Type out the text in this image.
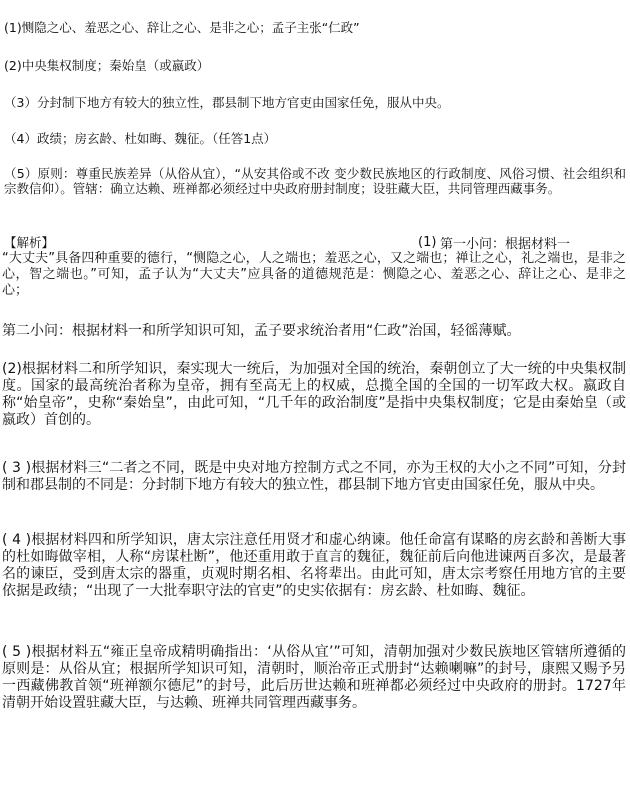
(1)恻隐之心、羞恶之心、辞让之心、是非之心；孟子主张“仁政”
(2)中央集权制度；秦始皇（或嬴政）
（3）分封制下地方有较大的独立性，郡县制下地方官吏由国家任免，服从中央。
（4）政绩；房玄龄、杜如晦、魏征。（任答1点）
（5）原则：尊重民族差异（从俗从宜），“从安其俗或不改 变少数民族地区的行政制度、风俗习惯、社会组织和宗教信仰）。管辖：确立达赖、班禅都必须经过中央政府册封制度；设驻藏大臣，共同管理西藏事务。
【解析】	(1) 第一小问：根据材料一
“大丈夫”具备四种重要的德行，“恻隐之心，人之端也；羞恶之心，又之端也；禅让之心，礼之端也，是非之心，智之端也。”可知，孟子认为“大丈夫”应具备的道德规范是：恻隐之心、羞恶之心、辞让之心、是非之心；
第二小问：根据材料一和所学知识可知，孟子要求统治者用“仁政”治国，轻徭薄赋。
(2)根据材料二和所学知识，秦实现大一统后，为加强对全国的统治，秦朝创立了大一统的中央集权制度。国家的最高统治者称为皇帝，拥有至高无上的权威，总揽全国的全国的一切军政大权。嬴政自称“始皇帝”，史称“秦始皇”，由此可知，“几千年的政治制度”是指中央集权制度；它是由秦始皇（或嬴政）首创的。
( 3 )根据材料三“二者之不同，既是中央对地方控制方式之不同，亦为王权的大小之不同”可知，分封制和郡县制的不同是：分封制下地方有较大的独立性，郡县制下地方官吏由国家任免，服从中央。
( 4 )根据材料四和所学知识，唐太宗注意任用贤才和虚心纳谏。他任命富有谋略的房玄龄和善断大事的杜如晦做宰相，人称“房谋杜断”，他还重用敢于直言的魏征，魏征前后向他进谏两百多次，是最著名的谏臣，受到唐太宗的器重，贞观时期名相、名将辈出。由此可知，唐太宗考察任用地方官的主要依据是政绩；“出现了一大批奉职守法的官吏”的史实依据有：房玄龄、杜如晦、魏征。
( 5 )根据材料五“雍正皇帝成精明确指出：‘从俗从宜’”可知，清朝加强对少数民族地区管辖所遵循的原则是：从俗从宜；根据所学知识可知，清朝时，顺治帝正式册封“达赖喇嘛”的封号，康熙又赐予另一西藏佛教首领“班禅额尔德尼”的封号，此后历世达赖和班禅都必须经过中央政府的册封。1727年清朝开始设置驻藏大臣，与达赖、班禅共同管理西藏事务。
